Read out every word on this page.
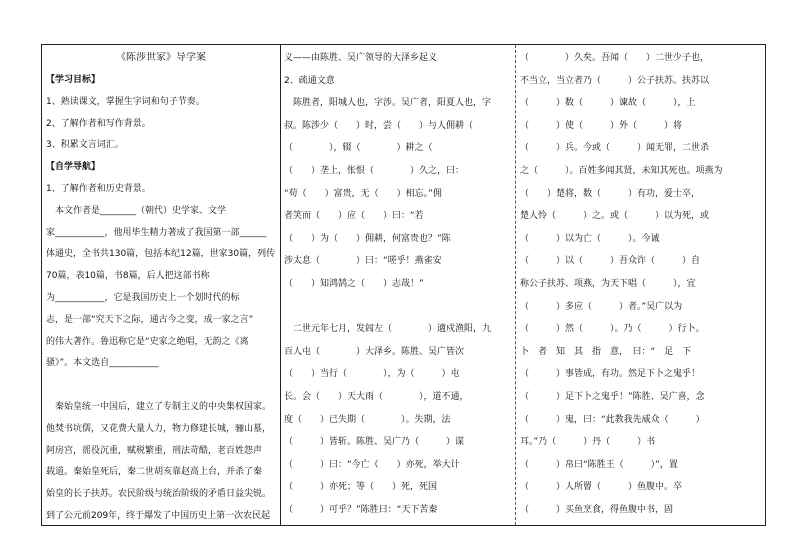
《陈涉世家》导学案
【学习目标】
1、熟读课文，掌握生字词和句子节奏。
2、了解作者和写作背景。
3、积累文言词汇。
【自学导航】
1、了解作者和历史背景。
　本文作者是________（朝代）史学家、文学
家___________，他用毕生精力著成了我国第一部______
体通史，全书共130篇，包括本纪12篇，世家30篇，列传
70篇，表10篇，书8篇，后人把这部书称
为___________，它是我国历史上一个划时代的标
志，是一部“究天下之际，通古今之变，成一家之言”
的伟大著作。鲁迅称它是“史家之绝唱，无韵之《离
骚》”。本文选自___________
　秦始皇统一中国后，建立了专制主义的中央集权国家。
他焚书坑儒，又花费大量人力，物力修建长城，骊山墓，
阿房宫，徭役沉重，赋税繁重，刑法苛酷，老百姓怨声
载道。秦始皇死后，秦二世胡亥靠赵高上台，并杀了秦
始皇的长子扶苏。农民阶级与统治阶级的矛盾日益尖锐。
到了公元前209年，终于爆发了中国历史上第一次农民起
义——由陈胜、吴广领导的大泽乡起义
2、疏通文意
　陈胜者，阳城人也，字涉。吴广者，阳夏人也，字
叔。陈涉少（　　）时，尝（　　）与人佣耕（
（　　　　），辍（　　　　）耕之（
（　　）垄上，怅恨（　　　　）久之，曰：
“苟（　　）富贵，无（　　）相忘。”佣
者笑而（　　）应（　　）曰：“若
（　　）为（　　）佣耕，何富贵也？”陈
涉太息（　　　　）曰：“嗟乎！燕雀安
（　　）知鸿鹄之（　　）志哉！”
　二世元年七月，发闾左（　　　　）適戍渔阳，九
百人屯（　　　　）大泽乡。陈胜、吴广皆次
（　　）当行（　　　　），为（　　　）屯
长。会（　　）天大雨（　　　　），道不通，
度（　　）已失期（　　　　）。失期，法
（　　　）皆斩。陈胜、吴广乃（　　　）谋
（　　　）曰：“今亡（　　）亦死，举大计
（　　　）亦死；等（　　）死，死国
（　　　）可乎？”陈胜曰：“天下苦秦
（　　　　）久矣。吾闻（　　）二世少子也，
不当立，当立者乃（　　　）公子扶苏。扶苏以
（　　　）数（　　　）谏故（　　　），上
（　　　）使（　　　）外（　　　）将
（　　　）兵。今或（　　　）闻无罪，二世杀
之（　　　）。百姓多闻其贤，未知其死也。项燕为
（　　）楚将，数（　　　）有功，爱士卒，
楚人怜（　　　）之。或（　　　）以为死，或
（　　　）以为亡（　　　）。今诚
（　　　）以（　　　）吾众诈（　　　）自
称公子扶苏、项燕，为天下唱（　　　），宜
（　　　）多应（　　　）者。”吴广以为
（　　　）然（　　　）。乃（　　　）行卜。
卜　者　知　其　指　意，　曰：“　足　下
（　　　）事皆成，有功。然足下卜之鬼乎！
（　　　）足下卜之鬼乎！”陈胜、吴广喜，念
（　　　）鬼，曰：“此教我先威众（　　　）
耳。”乃（　　　）丹（　　　）书
（　　　）帛曰“陈胜王（　　　）”，置
（　　　）人所罾（　　　）鱼腹中。卒
（　　　）买鱼烹食，得鱼腹中书，固
